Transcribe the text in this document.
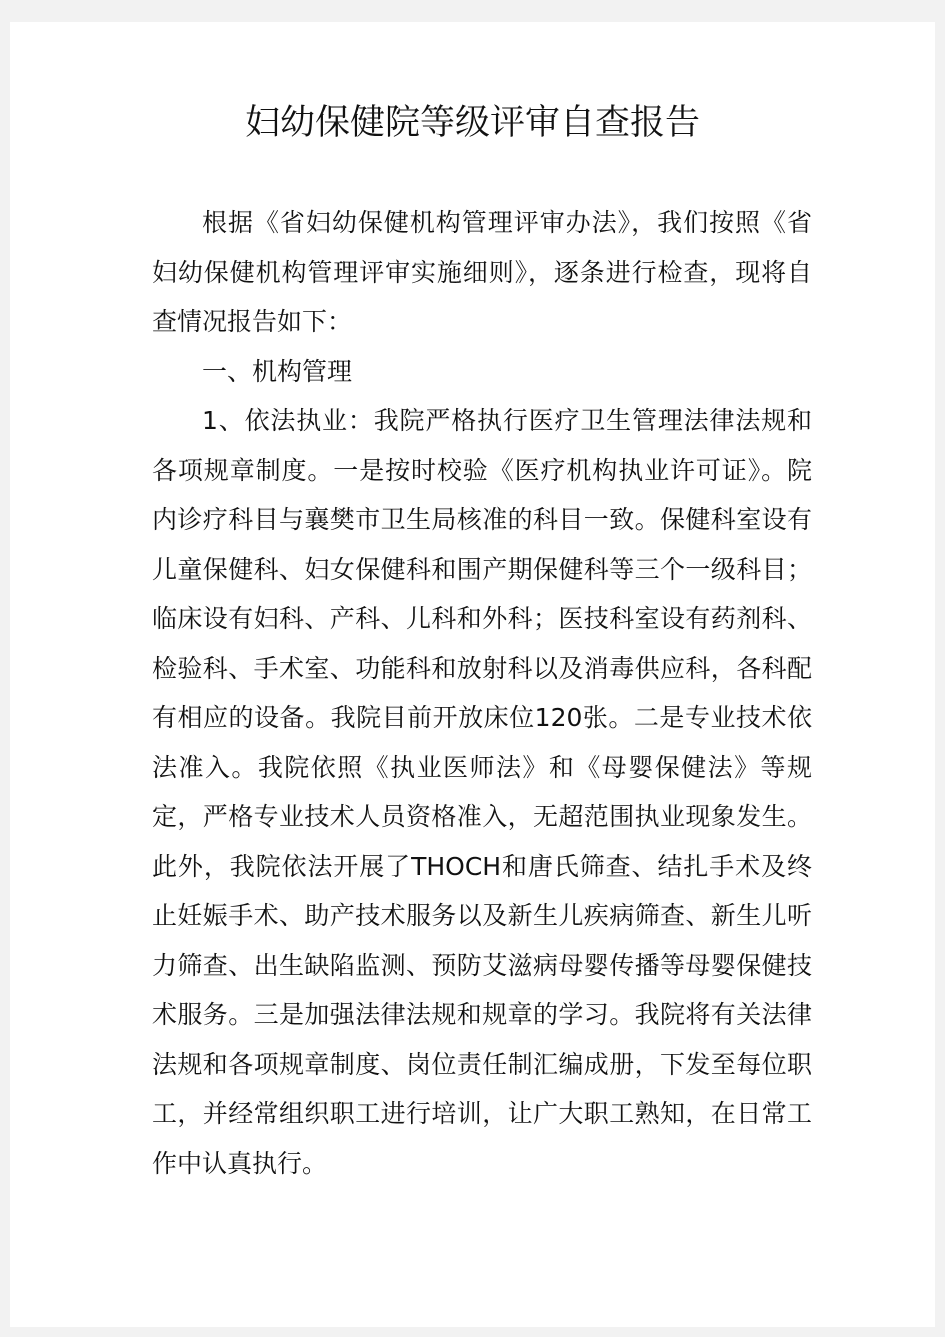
妇幼保健院等级评审自查报告

根据《省妇幼保健机构管理评审办法》，我们按照《省妇幼保健机构管理评审实施细则》，逐条进行检查，现将自查情况报告如下：

一、机构管理

1、依法执业：我院严格执行医疗卫生管理法律法规和各项规章制度。一是按时校验《医疗机构执业许可证》。院内诊疗科目与襄樊市卫生局核准的科目一致。保健科室设有儿童保健科、妇女保健科和围产期保健科等三个一级科目；临床设有妇科、产科、儿科和外科；医技科室设有药剂科、检验科、手术室、功能科和放射科以及消毒供应科，各科配有相应的设备。我院目前开放床位120张。二是专业技术依法准入。我院依照《执业医师法》和《母婴保健法》等规定，严格专业技术人员资格准入，无超范围执业现象发生。此外，我院依法开展了THOCH和唐氏筛查、结扎手术及终止妊娠手术、助产技术服务以及新生儿疾病筛查、新生儿听力筛查、出生缺陷监测、预防艾滋病母婴传播等母婴保健技术服务。三是加强法律法规和规章的学习。我院将有关法律法规和各项规章制度、岗位责任制汇编成册，下发至每位职工，并经常组织职工进行培训，让广大职工熟知，在日常工作中认真执行。
